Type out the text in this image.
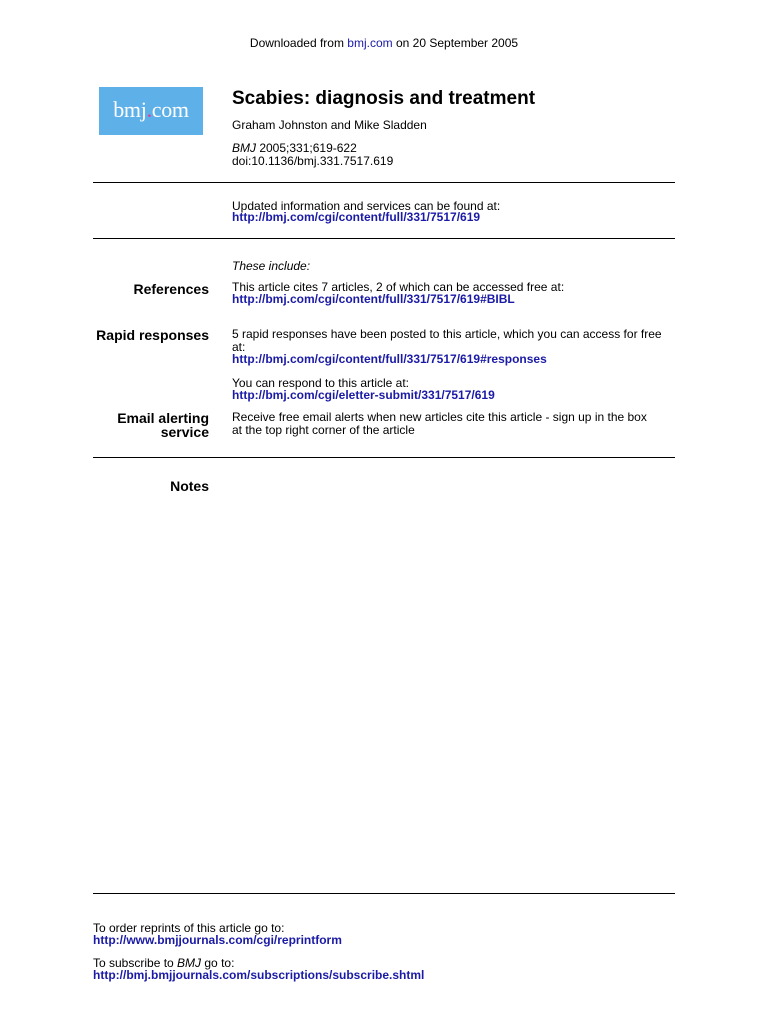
Downloaded from bmj.com on 20 September 2005
bmj.com	Scabies: diagnosis and treatment
Graham Johnston and Mike Sladden
BMJ 2005;331;619-622
doi:10.1136/bmj.331.7517.619
Updated information and services can be found at:
http://bmj.com/cgi/content/full/331/7517/619
These include:
References This article cites 7 articles, 2 of which can be accessed free at:
http://bmj.com/cgi/content/full/331/7517/619#BIBL
Rapid responses 5 rapid responses have been posted to this article, which you can access for free at:
http://bmj.com/cgi/content/full/331/7517/619#responses
You can respond to this article at:
http://bmj.com/cgi/eletter-submit/331/7517/619
Email alerting
service
Receive free email alerts when new articles cite this article - sign up in the box at the top right corner of the article
Notes
To order reprints of this article go to:
http://www.bmjjournals.com/cgi/reprintform
To subscribe to BMJ go to:
http://bmj.bmjjournals.com/subscriptions/subscribe.shtml
